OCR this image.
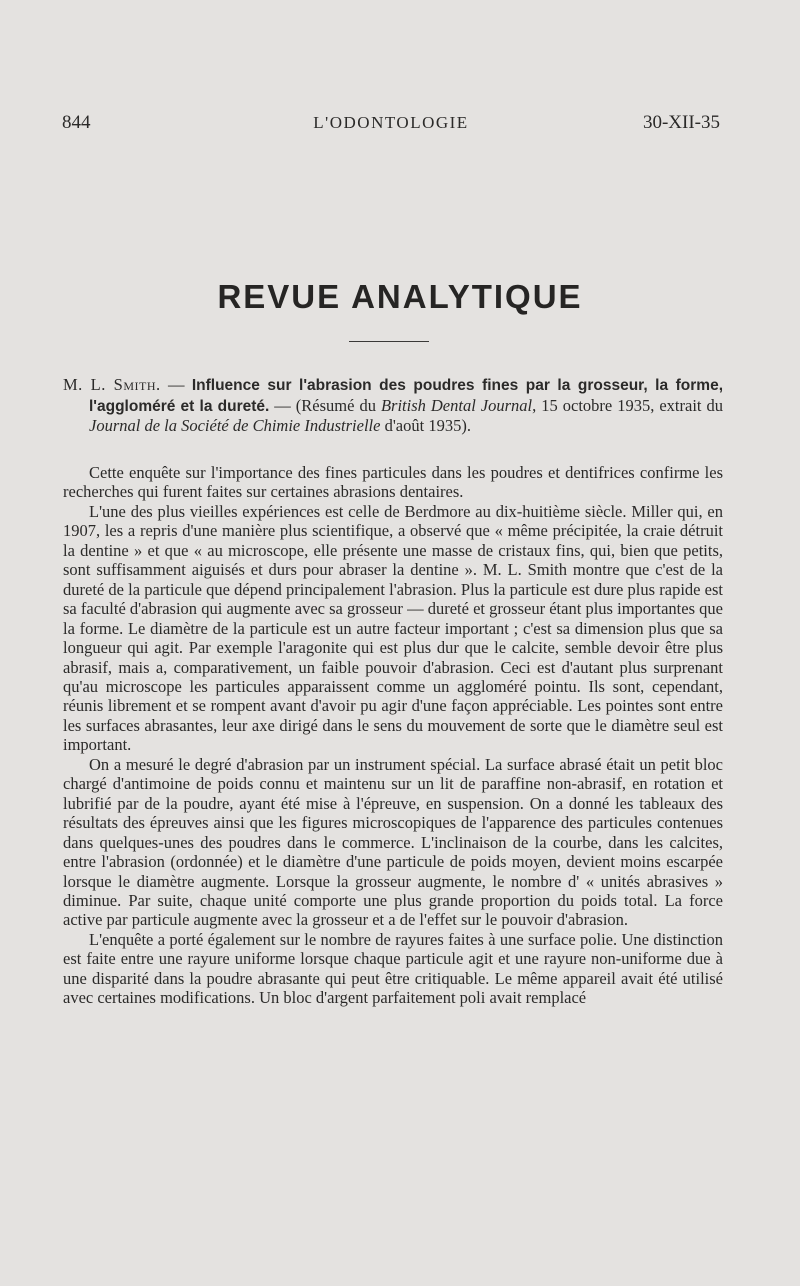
844	L'ODONTOLOGIE	30-XII-35
REVUE ANALYTIQUE
M. L. Smith. — Influence sur l'abrasion des poudres fines par la grosseur, la forme, l'aggloméré et la dureté. — (Résumé du British Dental Journal, 15 octobre 1935, extrait du Journal de la Société de Chimie Industrielle d'août 1935).

Cette enquête sur l'importance des fines particules dans les poudres et dentifrices confirme les recherches qui furent faites sur certaines abrasions dentaires.

L'une des plus vieilles expériences est celle de Berdmore au dix-huitième siècle. Miller qui, en 1907, les a repris d'une manière plus scientifique, a observé que « même précipitée, la craie détruit la dentine » et que « au microscope, elle présente une masse de cristaux fins, qui, bien que petits, sont suffisamment aiguisés et durs pour abraser la dentine ». M. L. Smith montre que c'est de la dureté de la particule que dépend principalement l'abrasion. Plus la particule est dure plus rapide est sa faculté d'abrasion qui augmente avec sa grosseur — dureté et grosseur étant plus importantes que la forme. Le diamètre de la particule est un autre facteur important ; c'est sa dimension plus que sa longueur qui agit. Par exemple l'aragonite qui est plus dur que le calcite, semble devoir être plus abrasif, mais a, comparativement, un faible pouvoir d'abrasion. Ceci est d'autant plus surprenant qu'au microscope les particules apparaissent comme un aggloméré pointu. Ils sont, cependant, réunis librement et se rompent avant d'avoir pu agir d'une façon appréciable. Les pointes sont entre les surfaces abrasantes, leur axe dirigé dans le sens du mouvement de sorte que le diamètre seul est important.

On a mesuré le degré d'abrasion par un instrument spécial. La surface abrasé était un petit bloc chargé d'antimoine de poids connu et maintenu sur un lit de paraffine non-abrasif, en rotation et lubrifié par de la poudre, ayant été mise à l'épreuve, en suspension. On a donné les tableaux des résultats des épreuves ainsi que les figures microscopiques de l'apparence des particules contenues dans quelques-unes des poudres dans le commerce. L'inclinaison de la courbe, dans les calcites, entre l'abrasion (ordonnée) et le diamètre d'une particule de poids moyen, devient moins escarpée lorsque le diamètre augmente. Lorsque la grosseur augmente, le nombre d' « unités abrasives » diminue. Par suite, chaque unité comporte une plus grande proportion du poids total. La force active par particule augmente avec la grosseur et a de l'effet sur le pouvoir d'abrasion.

L'enquête a porté également sur le nombre de rayures faites à une surface polie. Une distinction est faite entre une rayure uniforme lorsque chaque particule agit et une rayure non-uniforme due à une disparité dans la poudre abrasante qui peut être critiquable. Le même appareil avait été utilisé avec certaines modifications. Un bloc d'argent parfaitement poli avait remplacé
